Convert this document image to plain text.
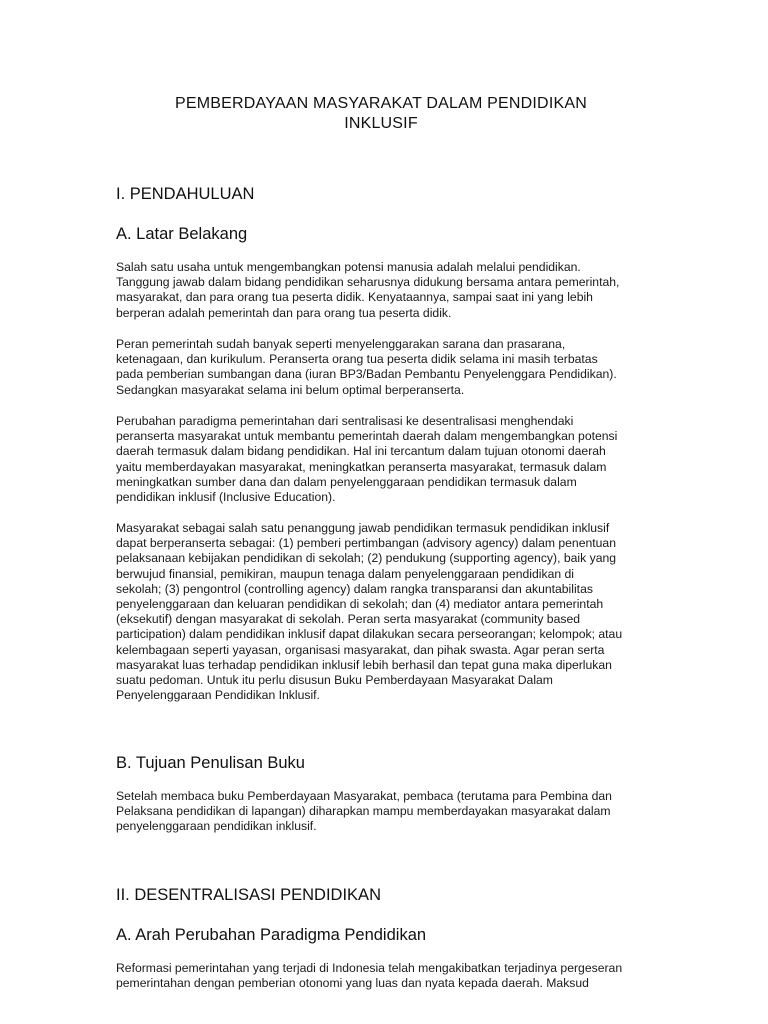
PEMBERDAYAAN MASYARAKAT DALAM PENDIDIKAN
INKLUSIF
I. PENDAHULUAN
A. Latar Belakang
Salah satu usaha untuk mengembangkan potensi manusia adalah melalui pendidikan.
Tanggung jawab dalam bidang pendidikan seharusnya didukung bersama antara pemerintah,
masyarakat, dan para orang tua peserta didik. Kenyataannya, sampai saat ini yang lebih
berperan adalah pemerintah dan para orang tua peserta didik.
Peran pemerintah sudah banyak seperti menyelenggarakan sarana dan prasarana,
ketenagaan, dan kurikulum. Peranserta orang tua peserta didik selama ini masih terbatas
pada pemberian sumbangan dana (iuran BP3/Badan Pembantu Penyelenggara Pendidikan).
Sedangkan masyarakat selama ini belum optimal berperanserta.
Perubahan paradigma pemerintahan dari sentralisasi ke desentralisasi menghendaki
peranserta masyarakat untuk membantu pemerintah daerah dalam mengembangkan potensi
daerah termasuk dalam bidang pendidikan. Hal ini tercantum dalam tujuan otonomi daerah
yaitu memberdayakan masyarakat, meningkatkan peranserta masyarakat, termasuk dalam
meningkatkan sumber dana dan dalam penyelenggaraan pendidikan termasuk dalam
pendidikan inklusif (Inclusive Education).
Masyarakat sebagai salah satu penanggung jawab pendidikan termasuk pendidikan inklusif
dapat berperanserta sebagai: (1) pemberi pertimbangan (advisory agency) dalam penentuan
pelaksanaan kebijakan pendidikan di sekolah; (2) pendukung (supporting agency), baik yang
berwujud finansial, pemikiran, maupun tenaga dalam penyelenggaraan pendidikan di
sekolah; (3) pengontrol (controlling agency) dalam rangka transparansi dan akuntabilitas
penyelenggaraan dan keluaran pendidikan di sekolah; dan (4) mediator antara pemerintah
(eksekutif) dengan masyarakat di sekolah. Peran serta masyarakat (community based
participation) dalam pendidikan inklusif dapat dilakukan secara perseorangan; kelompok; atau
kelembagaan seperti yayasan, organisasi masyarakat, dan pihak swasta. Agar peran serta
masyarakat luas terhadap pendidikan inklusif lebih berhasil dan tepat guna maka diperlukan
suatu pedoman. Untuk itu perlu disusun Buku Pemberdayaan Masyarakat Dalam
Penyelenggaraan Pendidikan Inklusif.
B. Tujuan Penulisan Buku
Setelah membaca buku Pemberdayaan Masyarakat, pembaca (terutama para Pembina dan
Pelaksana pendidikan di lapangan) diharapkan mampu memberdayakan masyarakat dalam
penyelenggaraan pendidikan inklusif.
II. DESENTRALISASI PENDIDIKAN
A. Arah Perubahan Paradigma Pendidikan
Reformasi pemerintahan yang terjadi di Indonesia telah mengakibatkan terjadinya pergeseran
pemerintahan dengan pemberian otonomi yang luas dan nyata kepada daerah. Maksud
